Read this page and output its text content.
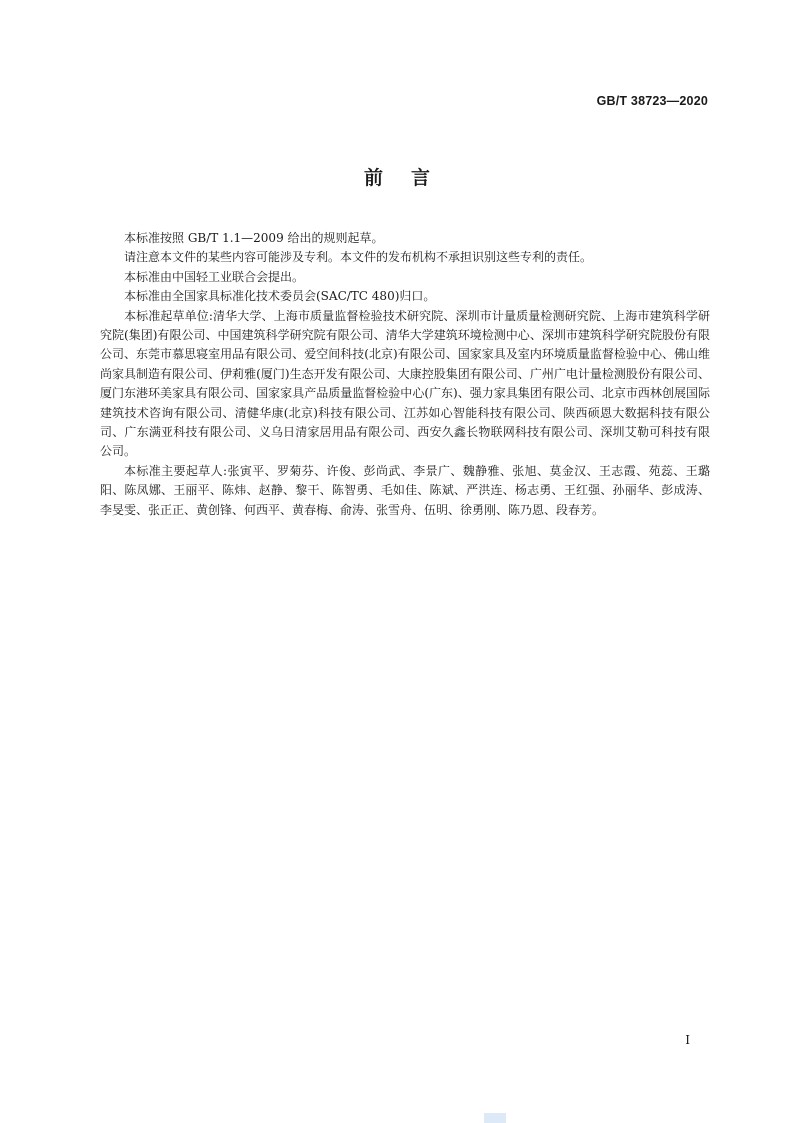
GB/T 38723—2020
前言

本标准按照 GB/T 1.1—2009 给出的规则起草。

请注意本文件的某些内容可能涉及专利。本文件的发布机构不承担识别这些专利的责任。

本标准由中国轻工业联合会提出。

本标准由全国家具标准化技术委员会(SAC/TC 480)归口。

本标准起草单位:清华大学、上海市质量监督检验技术研究院、深圳市计量质量检测研究院、上海市建筑科学研究院(集团)有限公司、中国建筑科学研究院有限公司、清华大学建筑环境检测中心、深圳市建筑科学研究院股份有限公司、东莞市慕思寝室用品有限公司、爱空间科技(北京)有限公司、国家家具及室内环境质量监督检验中心、佛山维尚家具制造有限公司、伊莉雅(厦门)生态开发有限公司、大康控股集团有限公司、广州广电计量检测股份有限公司、厦门东港环美家具有限公司、国家家具产品质量监督检验中心(广东)、强力家具集团有限公司、北京市西林创展国际建筑技术咨询有限公司、清健华康(北京)科技有限公司、江苏如心智能科技有限公司、陕西硕恩大数据科技有限公司、广东满亚科技有限公司、义乌日清家居用品有限公司、西安久鑫长物联网科技有限公司、深圳艾勒可科技有限公司。

本标准主要起草人:张寅平、罗菊芬、许俊、彭尚武、李景广、魏静雅、张旭、莫金汉、王志霞、苑蕊、王璐阳、陈凤娜、王丽平、陈炜、赵静、黎干、陈智勇、毛如佳、陈斌、严洪连、杨志勇、王红强、孙丽华、彭成涛、李旻雯、张正正、黄创锋、何西平、黄春梅、俞涛、张雪舟、伍明、徐勇刚、陈乃恩、段春芳。

I
